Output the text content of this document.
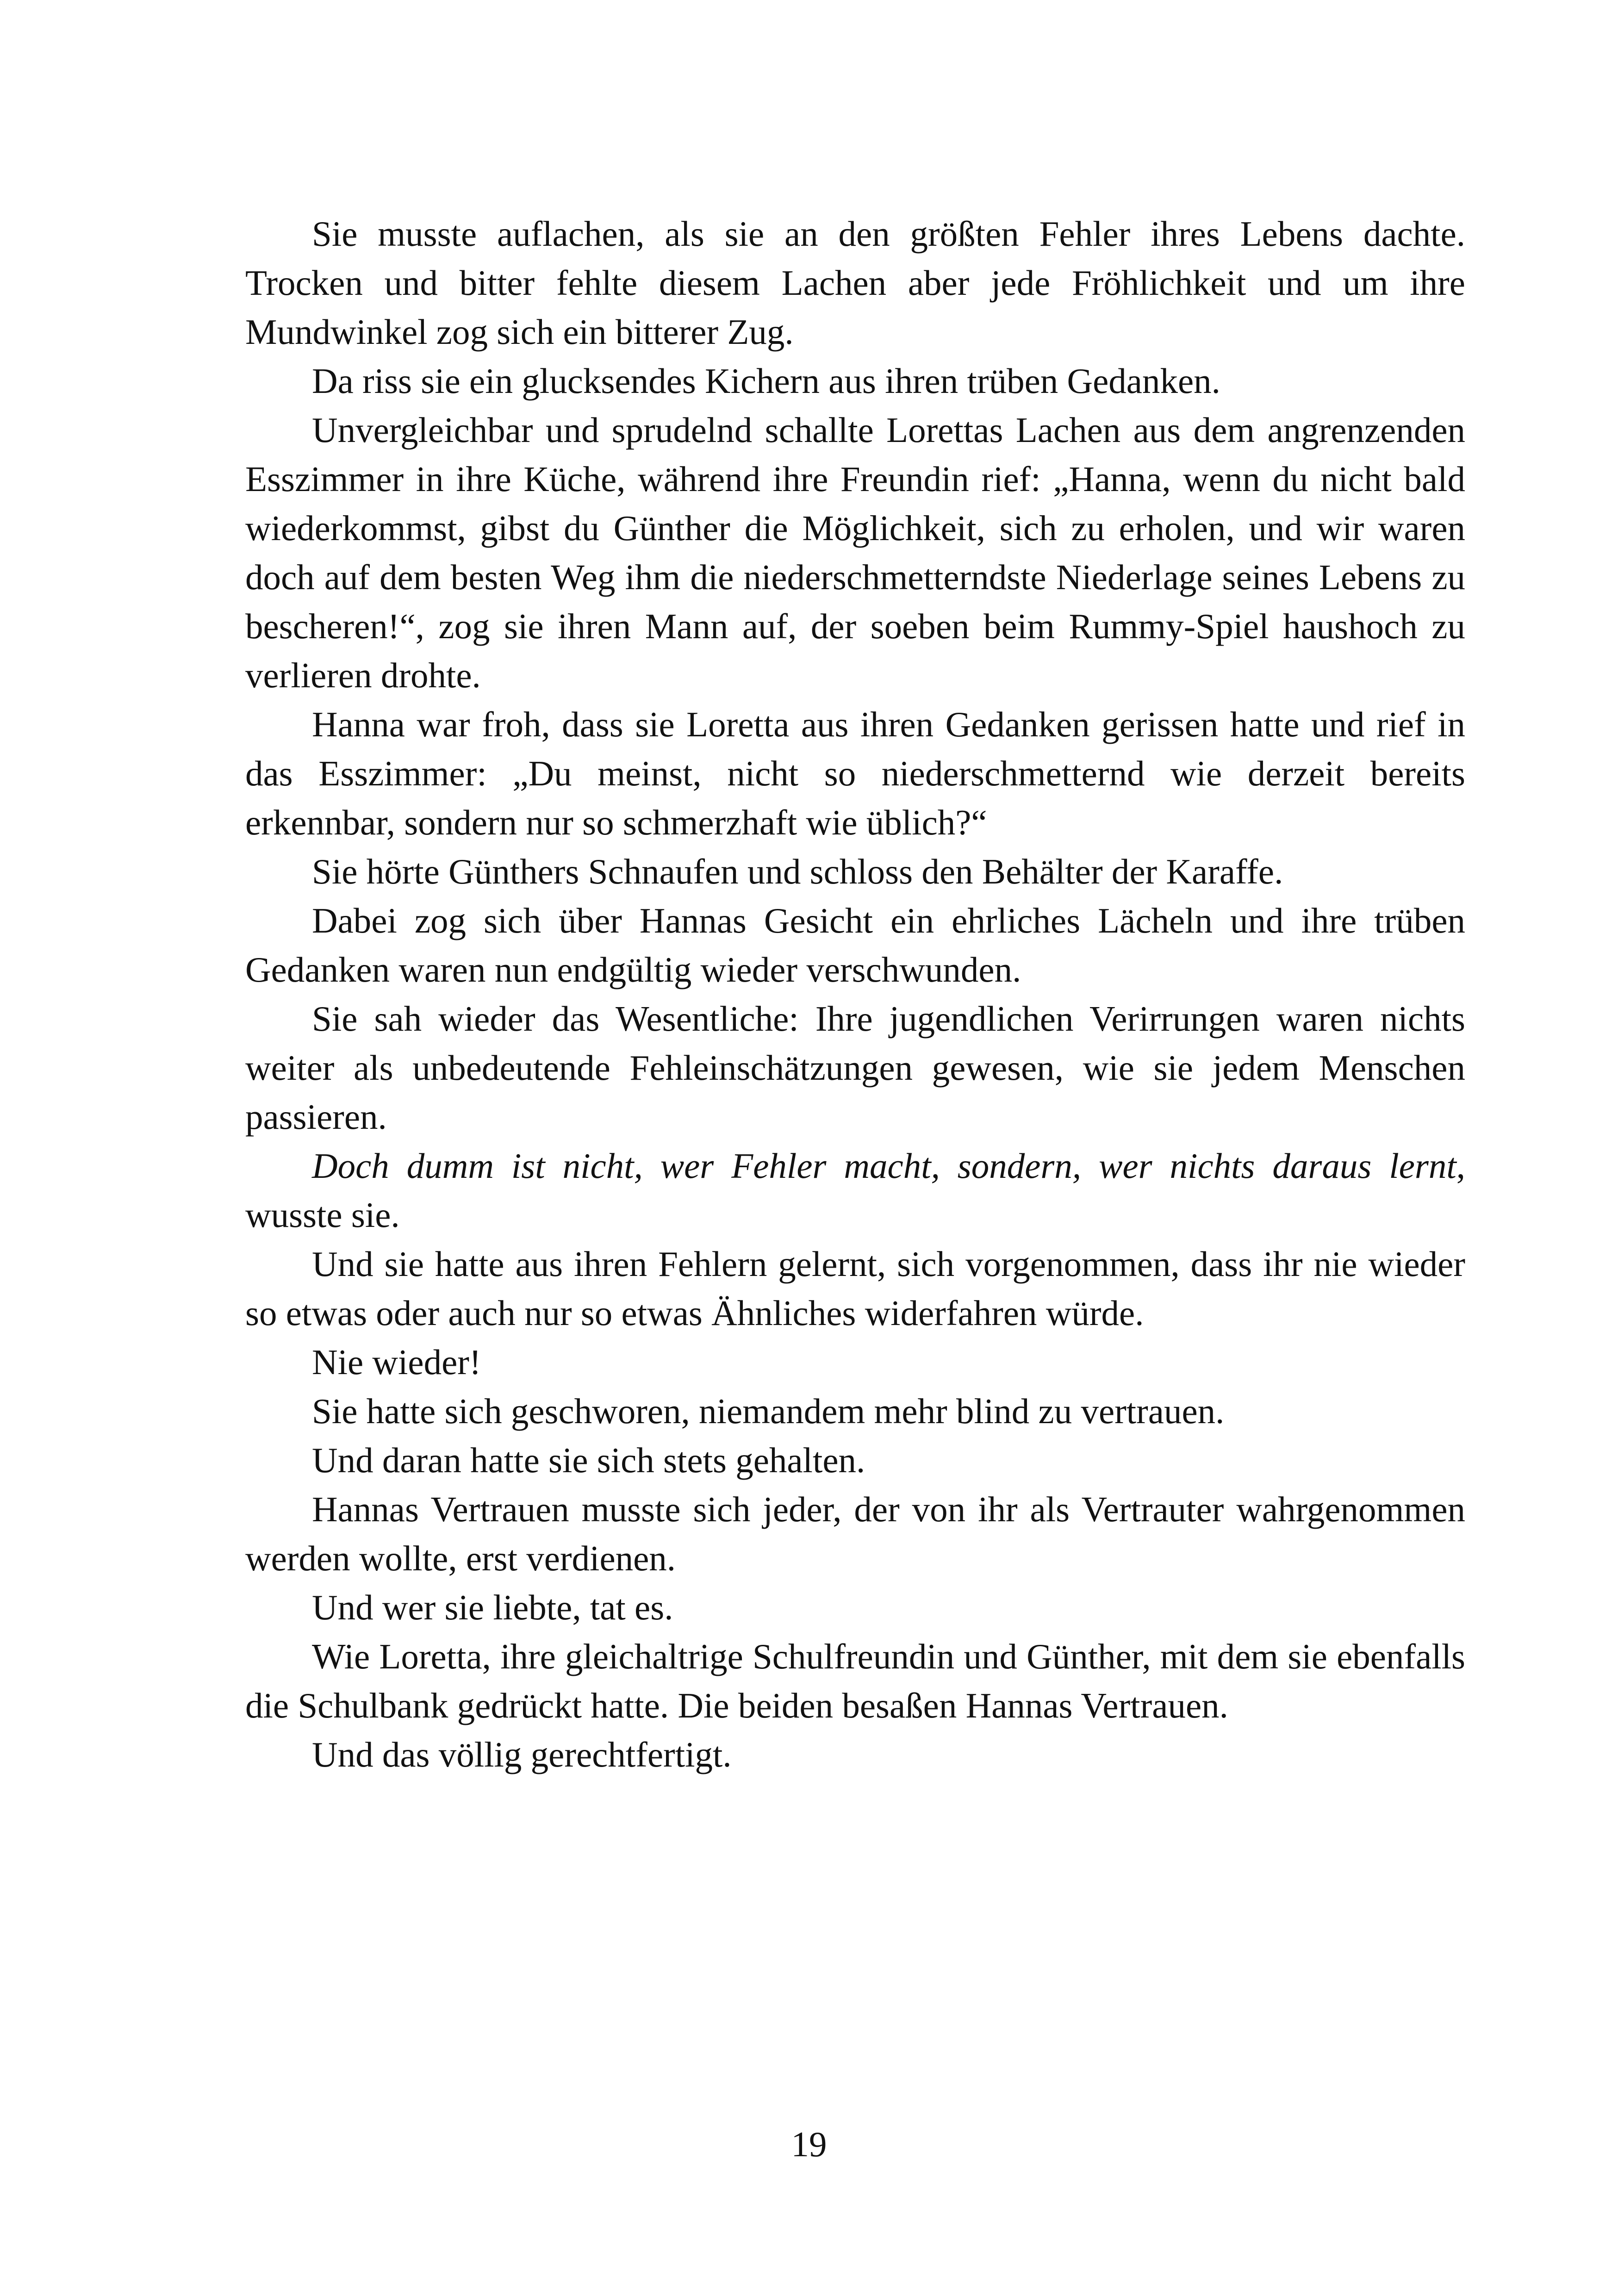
Sie musste auflachen, als sie an den größten Fehler ihres Lebens dachte. Trocken und bitter fehlte diesem Lachen aber jede Fröhlichkeit und um ihre Mundwinkel zog sich ein bitterer Zug.

Da riss sie ein glucksendes Kichern aus ihren trüben Gedanken.

Unvergleichbar und sprudelnd schallte Lorettas Lachen aus dem angrenzenden Esszimmer in ihre Küche, während ihre Freundin rief: „Hanna, wenn du nicht bald wiederkommst, gibst du Günther die Möglichkeit, sich zu erholen, und wir waren doch auf dem besten Weg ihm die niederschmetterndste Niederlage seines Lebens zu bescheren!“, zog sie ihren Mann auf, der soeben beim Rummy-Spiel haushoch zu verlieren drohte.

Hanna war froh, dass sie Loretta aus ihren Gedanken gerissen hatte und rief in das Esszimmer: „Du meinst, nicht so niederschmetternd wie derzeit bereits erkennbar, sondern nur so schmerzhaft wie üblich?“

Sie hörte Günthers Schnaufen und schloss den Behälter der Karaffe.

Dabei zog sich über Hannas Gesicht ein ehrliches Lächeln und ihre trüben Gedanken waren nun endgültig wieder verschwunden.

Sie sah wieder das Wesentliche: Ihre jugendlichen Verirrungen waren nichts weiter als unbedeutende Fehleinschätzungen gewesen, wie sie jedem Menschen passieren.

Doch dumm ist nicht, wer Fehler macht, sondern, wer nichts daraus lernt, wusste sie.

Und sie hatte aus ihren Fehlern gelernt, sich vorgenommen, dass ihr nie wieder so etwas oder auch nur so etwas Ähnliches widerfahren würde.

Nie wieder!

Sie hatte sich geschworen, niemandem mehr blind zu vertrauen.

Und daran hatte sie sich stets gehalten.

Hannas Vertrauen musste sich jeder, der von ihr als Vertrauter wahrgenommen werden wollte, erst verdienen.

Und wer sie liebte, tat es.

Wie Loretta, ihre gleichaltrige Schulfreundin und Günther, mit dem sie ebenfalls die Schulbank gedrückt hatte. Die beiden besaßen Hannas Vertrauen.

Und das völlig gerechtfertigt.

19
